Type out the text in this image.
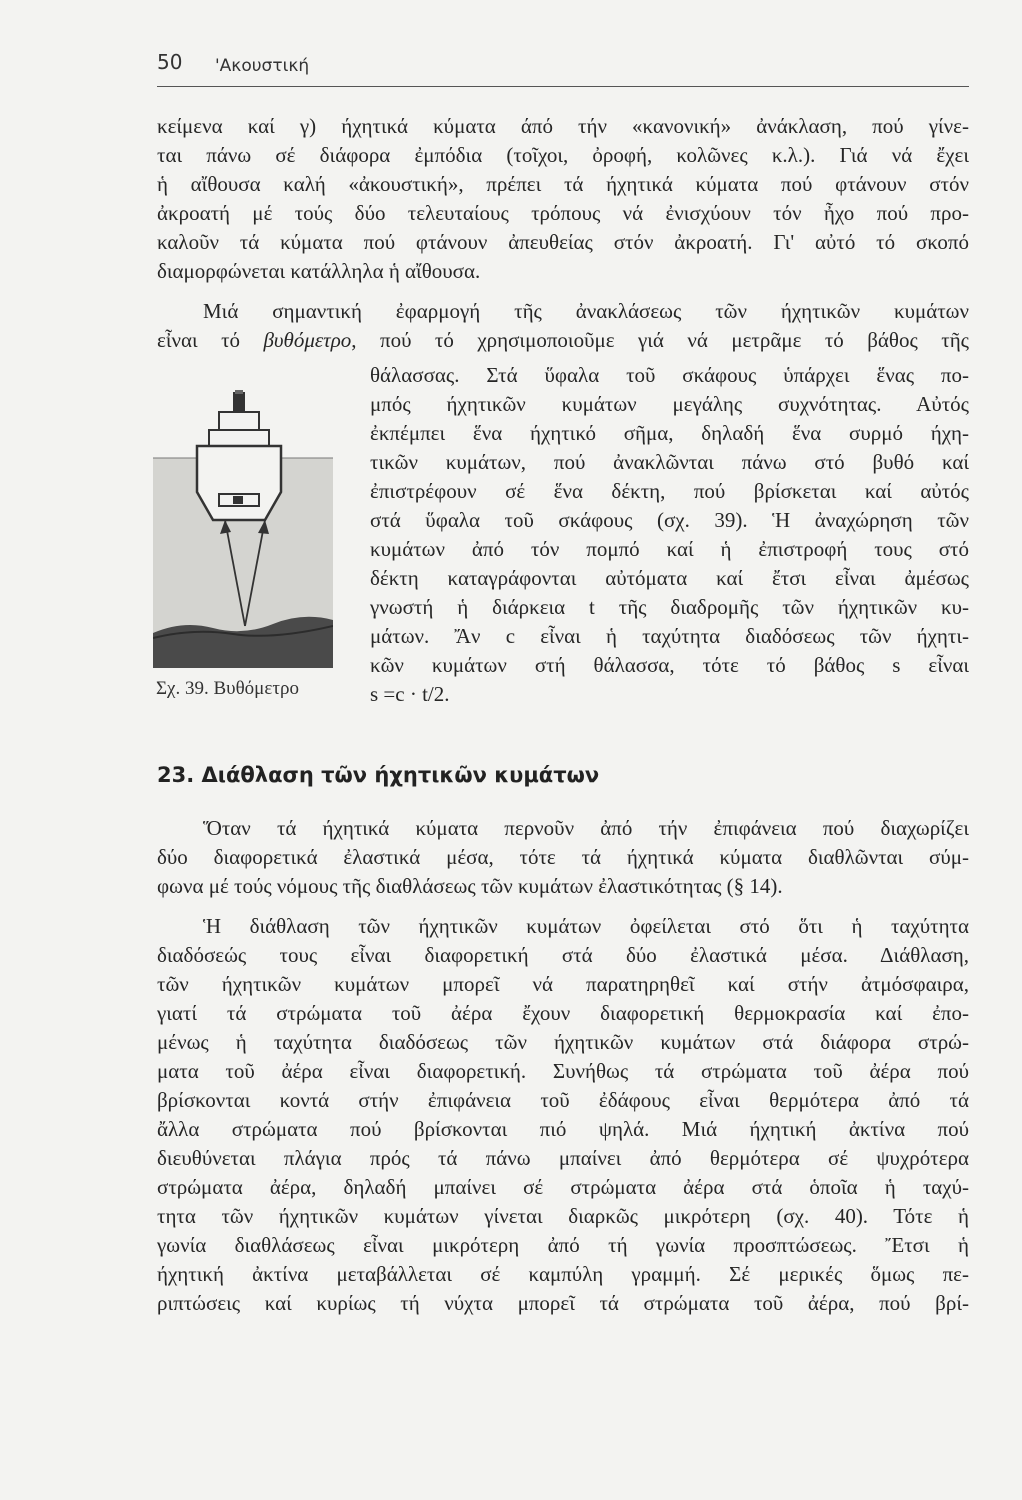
50 'Ακουστική
κείμενα καί γ) ήχητικά κύματα άπό τήν «κανονική» ἀνάκλαση, πού γίνε-
ται πάνω σέ διάφορα ἐμπόδια (τοῖχοι, ὀροφή, κολῶνες κ.λ.). Γιά νά ἔχει
ἡ αἴθουσα καλή «ἀκουστική», πρέπει τά ήχητικά κύματα πού φτάνουν στόν
ἀκροατή μέ τούς δύο τελευταίους τρόπους νά ἐνισχύουν τόν ἦχο πού προ-
καλοῦν τά κύματα πού φτάνουν ἀπευθείας στόν ἀκροατή. Γι' αὐτό τό σκοπό
διαμορφώνεται κατάλληλα ἡ αἴθουσα.
Μιά σημαντική ἐφαρμογή τῆς ἀνακλάσεως τῶν ήχητικῶν κυμάτων
εἶναι τό βυθόμετρο, πού τό χρησιμοποιοῦμε γιά νά μετρᾶμε τό βάθος τῆς
θάλασσας. Στά ὕφαλα τοῦ σκάφους ὑπάρχει ἕνας πο-
μπός ήχητικῶν κυμάτων μεγάλης συχνότητας. Αὐτός
ἐκπέμπει ἕνα ήχητικό σῆμα, δηλαδή ἕνα συρμό ήχη-
τικῶν κυμάτων, πού ἀνακλῶνται πάνω στό βυθό καί
ἐπιστρέφουν σέ ἕνα δέκτη, πού βρίσκεται καί αὐτός
στά ὕφαλα τοῦ σκάφους (σχ. 39). Ἡ ἀναχώρηση τῶν
κυμάτων ἀπό τόν πομπό καί ἡ ἐπιστροφή τους στό
δέκτη καταγράφονται αὐτόματα καί ἔτσι εἶναι ἀμέσως
γνωστή ἡ διάρκεια t τῆς διαδρομῆς τῶν ήχητικῶν κυ-
μάτων. Ἄν c εἶναι ἡ ταχύτητα διαδόσεως τῶν ήχητι-
κῶν κυμάτων στή θάλασσα, τότε τό βάθος s εἶναι
s =c · t/2.
Σχ. 39. Βυθόμετρο
23. Διάθλαση τῶν ήχητικῶν κυμάτων
Ὅταν τά ήχητικά κύματα περνοῦν ἀπό τήν ἐπιφάνεια πού διαχωρίζει
δύο διαφορετικά ἐλαστικά μέσα, τότε τά ήχητικά κύματα διαθλῶνται σύμ-
φωνα μέ τούς νόμους τῆς διαθλάσεως τῶν κυμάτων ἐλαστικότητας (§ 14).
Ἡ διάθλαση τῶν ήχητικῶν κυμάτων ὀφείλεται στό ὅτι ἡ ταχύτητα
διαδόσεώς τους εἶναι διαφορετική στά δύο ἐλαστικά μέσα. Διάθλαση,
τῶν ήχητικῶν κυμάτων μπορεῖ νά παρατηρηθεῖ καί στήν ἀτμόσφαιρα,
γιατί τά στρώματα τοῦ ἀέρα ἔχουν διαφορετική θερμοκρασία καί ἐπο-
μένως ἡ ταχύτητα διαδόσεως τῶν ήχητικῶν κυμάτων στά διάφορα στρώ-
ματα τοῦ ἀέρα εἶναι διαφορετική. Συνήθως τά στρώματα τοῦ ἀέρα πού
βρίσκονται κοντά στήν ἐπιφάνεια τοῦ ἐδάφους εἶναι θερμότερα ἀπό τά
ἄλλα στρώματα πού βρίσκονται πιό ψηλά. Μιά ήχητική ἀκτίνα πού
διευθύνεται πλάγια πρός τά πάνω μπαίνει ἀπό θερμότερα σέ ψυχρότερα
στρώματα ἀέρα, δηλαδή μπαίνει σέ στρώματα ἀέρα στά ὁποῖα ἡ ταχύ-
τητα τῶν ήχητικῶν κυμάτων γίνεται διαρκῶς μικρότερη (σχ. 40). Τότε ἡ
γωνία διαθλάσεως εἶναι μικρότερη ἀπό τή γωνία προσπτώσεως. Ἔτσι ἡ
ήχητική ἀκτίνα μεταβάλλεται σέ καμπύλη γραμμή. Σέ μερικές ὅμως πε-
ριπτώσεις καί κυρίως τή νύχτα μπορεῖ τά στρώματα τοῦ ἀέρα, πού βρί-
